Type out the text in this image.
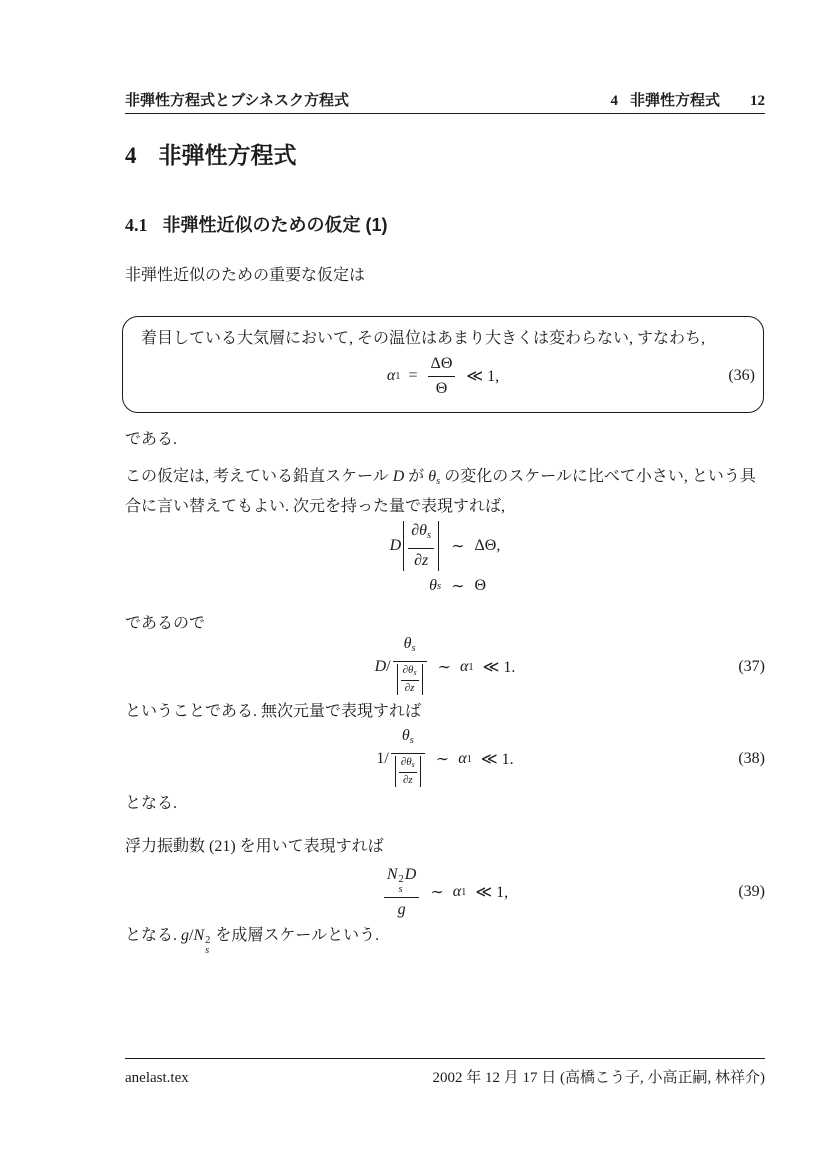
非弾性方程式とブシネスク方程式	4 非弾性方程式 12
4 非弾性方程式
4.1 非弾性近似のための仮定 (1)

非弾性近似のための重要な仮定は

着目している大気層において, その温位はあまり大きくは変わらない, すなわち,

α $1 = \frac{\Delta\Theta}{\Theta}$ ≪ 1,	(36)

である.

この仮定は, 考えている鉛直スケール D が θs の変化のスケールに比べて小さい, という具合に言い替えてもよい. 次元を持った量で表現すれば,

D $\frac{\partial\theta s}{\partial z}$ ∼ ΔΘ,
θ s ∼ Θ

であるので

D / $\frac{\theta s}{\frac{\partial\theta s}{\partial z}}$ ∼ α 1 ≪ 1.	(37)

ということである. 無次元量で表現すれば

$1 / \frac{\theta s}{\frac{\partial\theta s}{\partial z}}$ ∼ α 1 ≪ 1.	(38)

となる.

浮力振動数 (21) を用いて表現すれば

N 2
s
D
g ∼ α 1 ≪ 1,	(39)

となる. g/N 2
s
を成層スケールという.

anelast.tex	2002 年 12 月 17 日 (高橋こう子, 小高正嗣, 林祥介)
